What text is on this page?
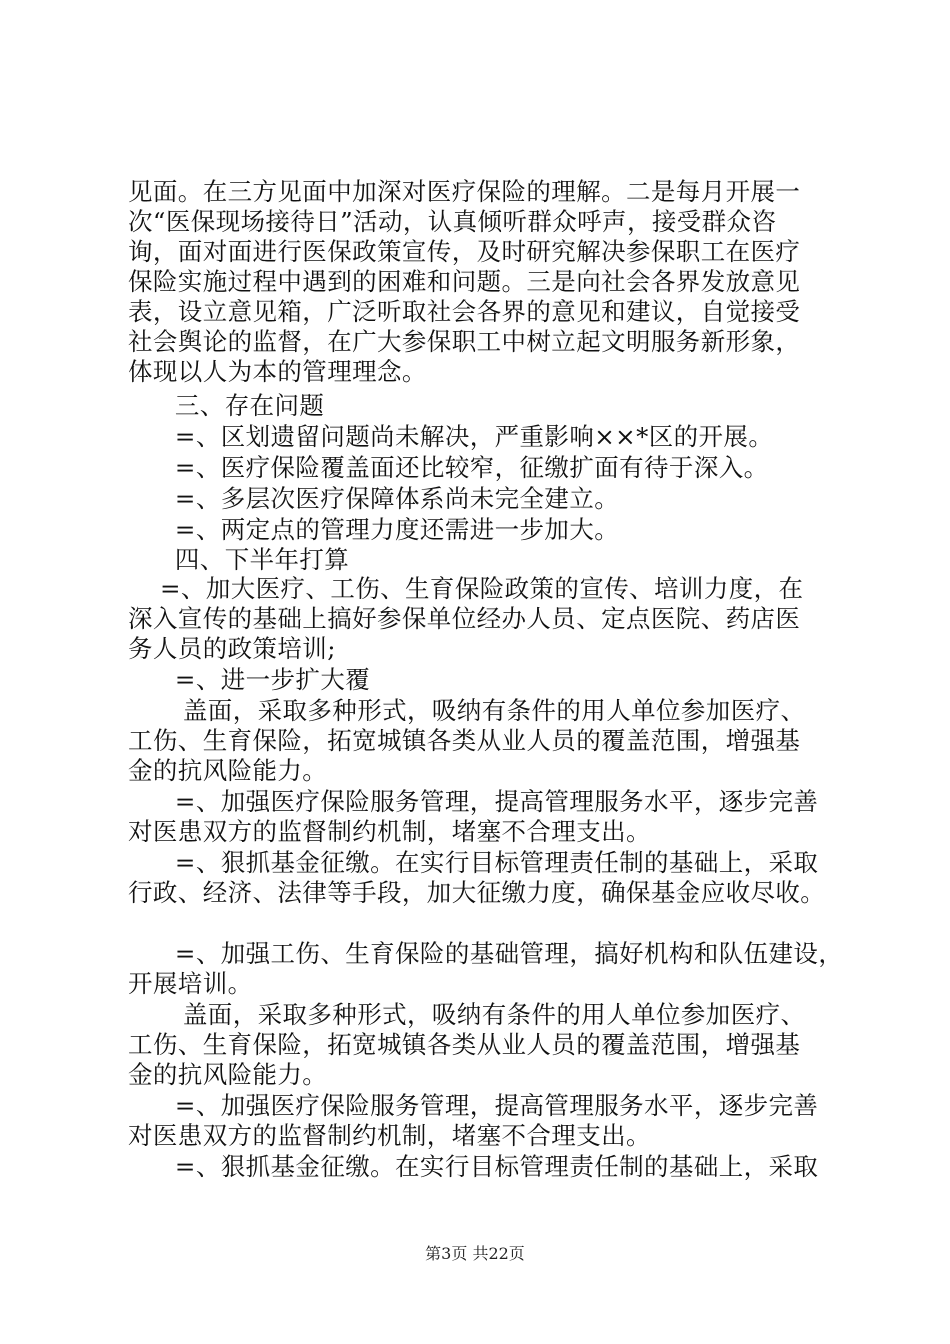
见面。在三方见面中加深对医疗保险的理解。二是每月开展一
次“医保现场接待日”活动，认真倾听群众呼声，接受群众咨
询，面对面进行医保政策宣传，及时研究解决参保职工在医疗
保险实施过程中遇到的困难和问题。三是向社会各界发放意见
表，设立意见箱，广泛听取社会各界的意见和建议，自觉接受
社会舆论的监督，在广大参保职工中树立起文明服务新形象，
体现以人为本的管理理念。
　三、存在问题
　=、区划遗留问题尚未解决，严重影响××*区的开展。
　=、医疗保险覆盖面还比较窄，征缴扩面有待于深入。
　=、多层次医疗保障体系尚未完全建立。
　=、两定点的管理力度还需进一步加大。
　四、下半年打算
=、加大医疗、工伤、生育保险政策的宣传、培训力度，在
深入宣传的基础上搞好参保单位经办人员、定点医院、药店医
务人员的政策培训;
　=、进一步扩大覆
　盖面，采取多种形式，吸纳有条件的用人单位参加医疗、
工伤、生育保险，拓宽城镇各类从业人员的覆盖范围，增强基
金的抗风险能力。
　=、加强医疗保险服务管理，提高管理服务水平，逐步完善
对医患双方的监督制约机制，堵塞不合理支出。
　=、狠抓基金征缴。在实行目标管理责任制的基础上，采取
行政、经济、法律等手段，加大征缴力度，确保基金应收尽收。
　=、加强工伤、生育保险的基础管理，搞好机构和队伍建设，
开展培训。
　盖面，采取多种形式，吸纳有条件的用人单位参加医疗、
工伤、生育保险，拓宽城镇各类从业人员的覆盖范围，增强基
金的抗风险能力。
　=、加强医疗保险服务管理，提高管理服务水平，逐步完善
对医患双方的监督制约机制，堵塞不合理支出。
　=、狠抓基金征缴。在实行目标管理责任制的基础上，采取
第3页 共22页
